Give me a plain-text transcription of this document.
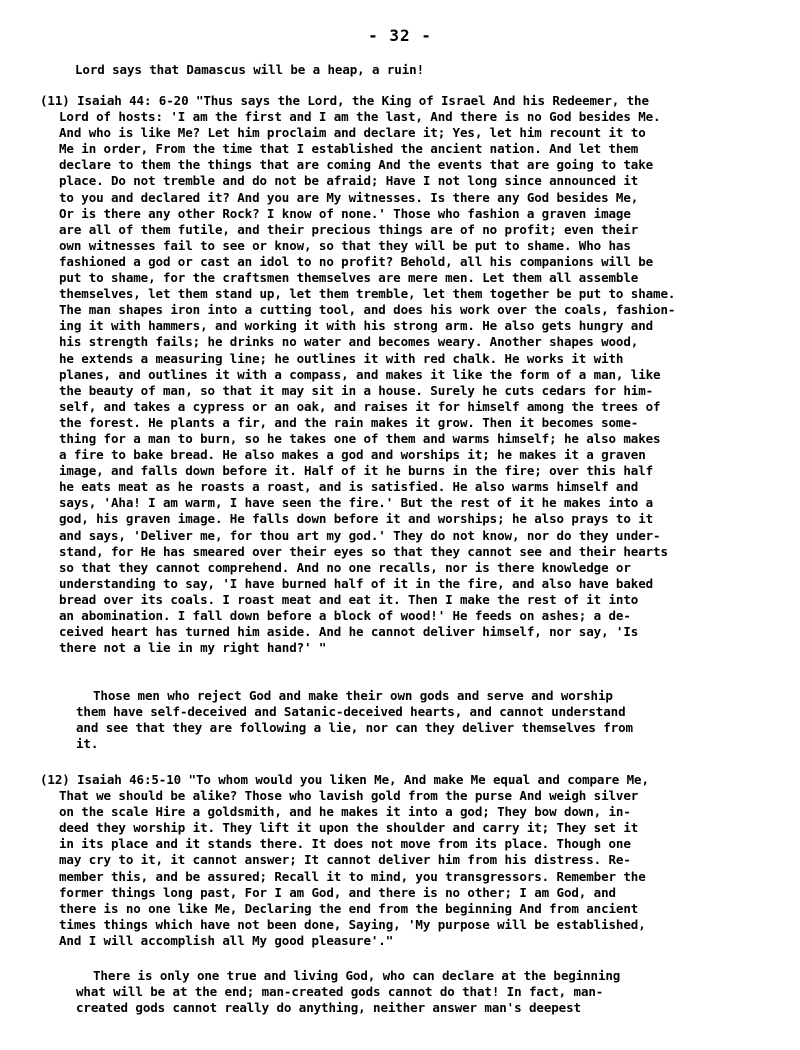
- 32 -
Lord says that Damascus will be a heap, a ruin!
(11) Isaiah 44: 6-20 "Thus says the Lord, the King of Israel And his Redeemer, the
Lord of hosts: 'I am the first and I am the last, And there is no God besides Me.
And who is like Me? Let him proclaim and declare it; Yes, let him recount it to
Me in order, From the time that I established the ancient nation. And let them
declare to them the things that are coming And the events that are going to take
place. Do not tremble and do not be afraid; Have I not long since announced it
to you and declared it? And you are My witnesses. Is there any God besides Me,
Or is there any other Rock? I know of none.' Those who fashion a graven image
are all of them futile, and their precious things are of no profit; even their
own witnesses fail to see or know, so that they will be put to shame. Who has
fashioned a god or cast an idol to no profit? Behold, all his companions will be
put to shame, for the craftsmen themselves are mere men. Let them all assemble
themselves, let them stand up, let them tremble, let them together be put to shame.
The man shapes iron into a cutting tool, and does his work over the coals, fashion-
ing it with hammers, and working it with his strong arm. He also gets hungry and
his strength fails; he drinks no water and becomes weary. Another shapes wood,
he extends a measuring line; he outlines it with red chalk. He works it with
planes, and outlines it with a compass, and makes it like the form of a man, like
the beauty of man, so that it may sit in a house. Surely he cuts cedars for him-
self, and takes a cypress or an oak, and raises it for himself among the trees of
the forest. He plants a fir, and the rain makes it grow. Then it becomes some-
thing for a man to burn, so he takes one of them and warms himself; he also makes
a fire to bake bread. He also makes a god and worships it; he makes it a graven
image, and falls down before it. Half of it he burns in the fire; over this half
he eats meat as he roasts a roast, and is satisfied. He also warms himself and
says, 'Aha! I am warm, I have seen the fire.' But the rest of it he makes into a
god, his graven image. He falls down before it and worships; he also prays to it
and says, 'Deliver me, for thou art my god.' They do not know, nor do they under-
stand, for He has smeared over their eyes so that they cannot see and their hearts
so that they cannot comprehend. And no one recalls, nor is there knowledge or
understanding to say, 'I have burned half of it in the fire, and also have baked
bread over its coals. I roast meat and eat it. Then I make the rest of it into
an abomination. I fall down before a block of wood!' He feeds on ashes; a de-
ceived heart has turned him aside. And he cannot deliver himself, nor say, 'Is
there not a lie in my right hand?' "
Those men who reject God and make their own gods and serve and worship
them have self-deceived and Satanic-deceived hearts, and cannot understand
and see that they are following a lie, nor can they deliver themselves from
it.
(12) Isaiah 46:5-10 "To whom would you liken Me, And make Me equal and compare Me,
That we should be alike? Those who lavish gold from the purse And weigh silver
on the scale Hire a goldsmith, and he makes it into a god; They bow down, in-
deed they worship it. They lift it upon the shoulder and carry it; They set it
in its place and it stands there. It does not move from its place. Though one
may cry to it, it cannot answer; It cannot deliver him from his distress. Re-
member this, and be assured; Recall it to mind, you transgressors. Remember the
former things long past, For I am God, and there is no other; I am God, and
there is no one like Me, Declaring the end from the beginning And from ancient
times things which have not been done, Saying, 'My purpose will be established,
And I will accomplish all My good pleasure'."
There is only one true and living God, who can declare at the beginning
what will be at the end; man-created gods cannot do that! In fact, man-
created gods cannot really do anything, neither answer man's deepest
